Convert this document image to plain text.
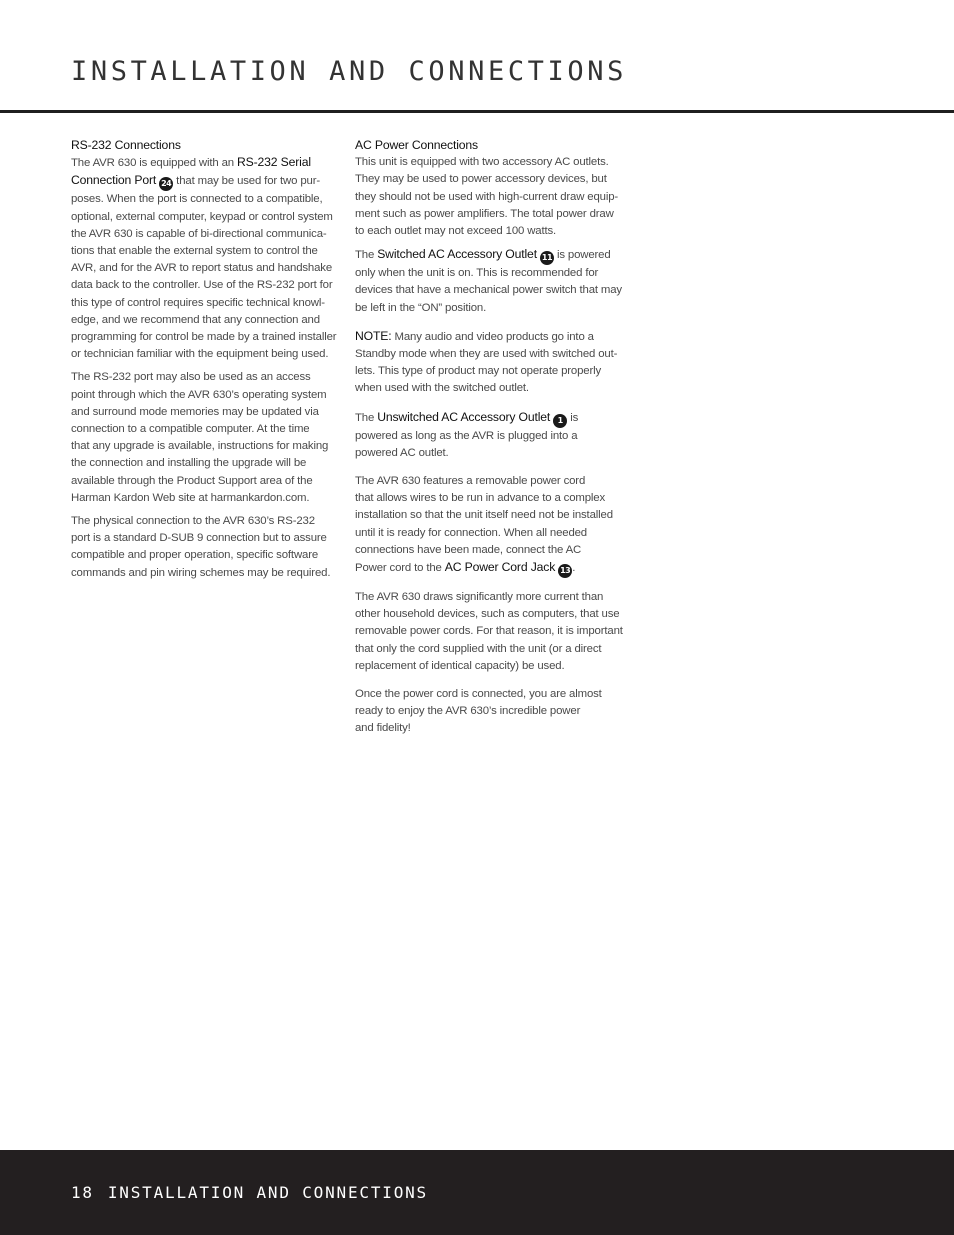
INSTALLATION AND CONNECTIONS
RS-232 Connections
The AVR 630 is equipped with an RS-232 Serial
Connection Port 24 that may be used for two pur-
poses. When the port is connected to a compatible,
optional, external computer, keypad or control system
the AVR 630 is capable of bi-directional communica-
tions that enable the external system to control the
AVR, and for the AVR to report status and handshake
data back to the controller. Use of the RS-232 port for
this type of control requires specific technical knowl-
edge, and we recommend that any connection and
programming for control be made by a trained installer
or technician familiar with the equipment being used.
The RS-232 port may also be used as an access
point through which the AVR 630’s operating system
and surround mode memories may be updated via
connection to a compatible computer. At the time
that any upgrade is available, instructions for making
the connection and installing the upgrade will be
available through the Product Support area of the
Harman Kardon Web site at harmankardon.com.
The physical connection to the AVR 630’s RS-232
port is a standard D-SUB 9 connection but to assure
compatible and proper operation, specific software
commands and pin wiring schemes may be required.
AC Power Connections
This unit is equipped with two accessory AC outlets.
They may be used to power accessory devices, but
they should not be used with high-current draw equip-
ment such as power amplifiers. The total power draw
to each outlet may not exceed 100 watts.
The Switched AC Accessory Outlet 11 is powered
only when the unit is on. This is recommended for
devices that have a mechanical power switch that may
be left in the “ON” position.
NOTE: Many audio and video products go into a
Standby mode when they are used with switched out-
lets. This type of product may not operate properly
when used with the switched outlet.
The Unswitched AC Accessory Outlet 1 is
powered as long as the AVR is plugged into a
powered AC outlet.
The AVR 630 features a removable power cord
that allows wires to be run in advance to a complex
installation so that the unit itself need not be installed
until it is ready for connection. When all needed
connections have been made, connect the AC
Power cord to the AC Power Cord Jack 13 .
The AVR 630 draws significantly more current than
other household devices, such as computers, that use
removable power cords. For that reason, it is important
that only the cord supplied with the unit (or a direct
replacement of identical capacity) be used.
Once the power cord is connected, you are almost
ready to enjoy the AVR 630’s incredible power
and fidelity!
18 INSTALLATION AND CONNECTIONS
